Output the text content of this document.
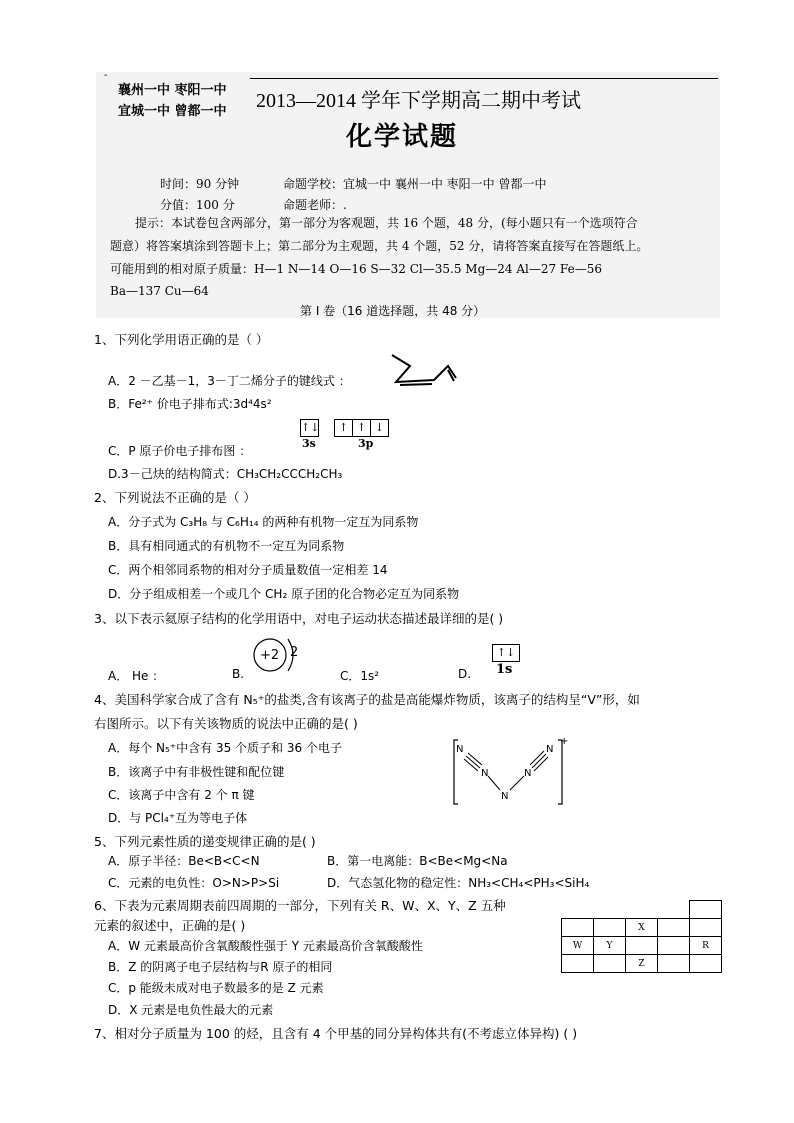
-
襄州一中 枣阳一中
宜城一中 曾都一中 2013—2014 学年下学期高二期中考试
化学试题
时间：90 分钟	命题学校：宜城一中 襄州一中 枣阳一中 曾都一中
分值：100 分	命题老师：.
提示：本试卷包含两部分，第一部分为客观题，共 16 个题，48 分，(每小题只有一个选项符合
题意）将答案填涂到答题卡上；第二部分为主观题，共 4 个题，52 分，请将答案直接写在答题纸上。
可能用到的相对原子质量：H—1 N—14 O—16 S—32 Cl—35.5 Mg—24 Al—27 Fe—56
Ba—137 Cu—64
第 I 卷（16 道选择题，共 48 分）
1、下列化学用语正确的是（ ）
A．2 －乙基－1，3－丁二烯分子的键线式 ：
B．Fe²⁺ 价电子排布式:3d⁴4s²
C．P 原子价电子排布图 ：
↑↓	↑ ↑ ↓
3s	3p
D.3－己炔的结构简式：CH₃CH₂CCCH₂CH₃
2、下列说法不正确的是（ ）
A．分子式为 C₃H₈ 与 C₆H₁₄ 的两种有机物一定互为同系物
B．具有相同通式的有机物不一定互为同系物
C．两个相邻同系物的相对分子质量数值一定相差 14
D．分子组成相差一个或几个 CH₂ 原子团的化合物必定互为同系物
3、以下表示氦原子结构的化学用语中，对电子运动状态描述最详细的是( )
A． He ：	B.
+2 2
C．1s²	D.
↑↓
1s
4、美国科学家合成了含有 N₅⁺的盐类,含有该离子的盐是高能爆炸物质，该离子的结构呈“V”形，如
右图所示。以下有关该物质的说法中正确的是( )
A．每个 N₅⁺中含有 35 个质子和 36 个电子
B．该离子中有非极性键和配位键
C．该离子中含有 2 个 π 键
D．与 PCl₄⁺互为等电子体
N
N
N
N
N
+
5、下列元素性质的递变规律正确的是( )
A．原子半径：Be<B<C<N	B．第一电离能：B<Be<Mg<Na
C．元素的电负性：O>N>P>Si	D．气态氢化物的稳定性：NH₃<CH₄<PH₃<SiH₄
6、下表为元素周期表前四周期的一部分，下列有关 R、W、X、Y、Z 五种
元素的叙述中，正确的是( )
A．W 元素最高价含氧酸酸性强于 Y 元素最高价含氧酸酸性
B．Z 的阴离子电子层结构与R 原子的相同
C．p 能级未成对电子数最多的是 Z 元素
D．X 元素是电负性最大的元素

		X		
W	Y			R
		Z		
7、相对分子质量为 100 的烃，且含有 4 个甲基的同分异构体共有(不考虑立体异构) ( )
